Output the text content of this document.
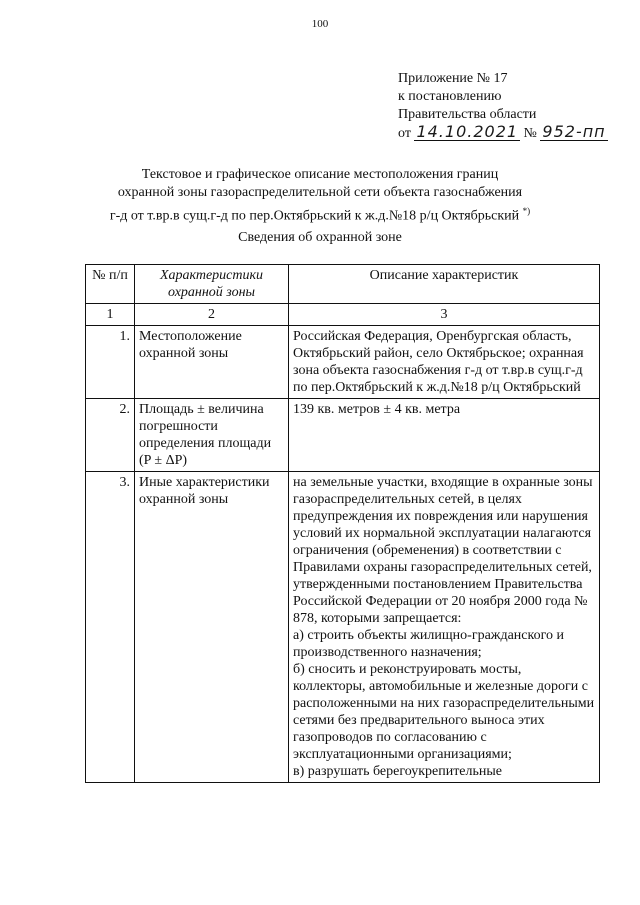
100
Приложение № 17
к постановлению
Правительства области
от 14.10.2021 № 952-пп
Текстовое и графическое описание местоположения границ
охранной зоны газораспределительной сети объекта газоснабжения
г-д от т.вр.в сущ.г-д по пер.Октябрьский к ж.д.№18 р/ц Октябрьский *)
Сведения об охранной зоне
№ п/п	Характеристики охранной зоны	Описание характеристик
1	2	3
1.	Местоположение охранной зоны	Российская Федерация, Оренбургская область, Октябрьский район, село Октябрьское; охранная зона объекта газоснабжения г-д от т.вр.в сущ.г-д по пер.Октябрьский к ж.д.№18 р/ц Октябрьский
2.	Площадь ± величина погрешности определения площади (P ± ΔP)	139 кв. метров ± 4 кв. метра
3.	Иные характеристики охранной зоны	на земельные участки, входящие в охранные зоны газораспределительных сетей, в целях предупреждения их повреждения или нарушения условий их нормальной эксплуатации налагаются ограничения (обременения) в соответствии с Правилами охраны газораспределительных сетей, утвержденными постановлением Правительства Российской Федерации от 20 ноября 2000 года № 878, которыми запрещается:
а) строить объекты жилищно-гражданского и производственного назначения;
б) сносить и реконструировать мосты, коллекторы, автомобильные и железные дороги с расположенными на них газораспределительными сетями без предварительного выноса этих газопроводов по согласованию с эксплуатационными организациями;
в) разрушать берегоукрепительные
